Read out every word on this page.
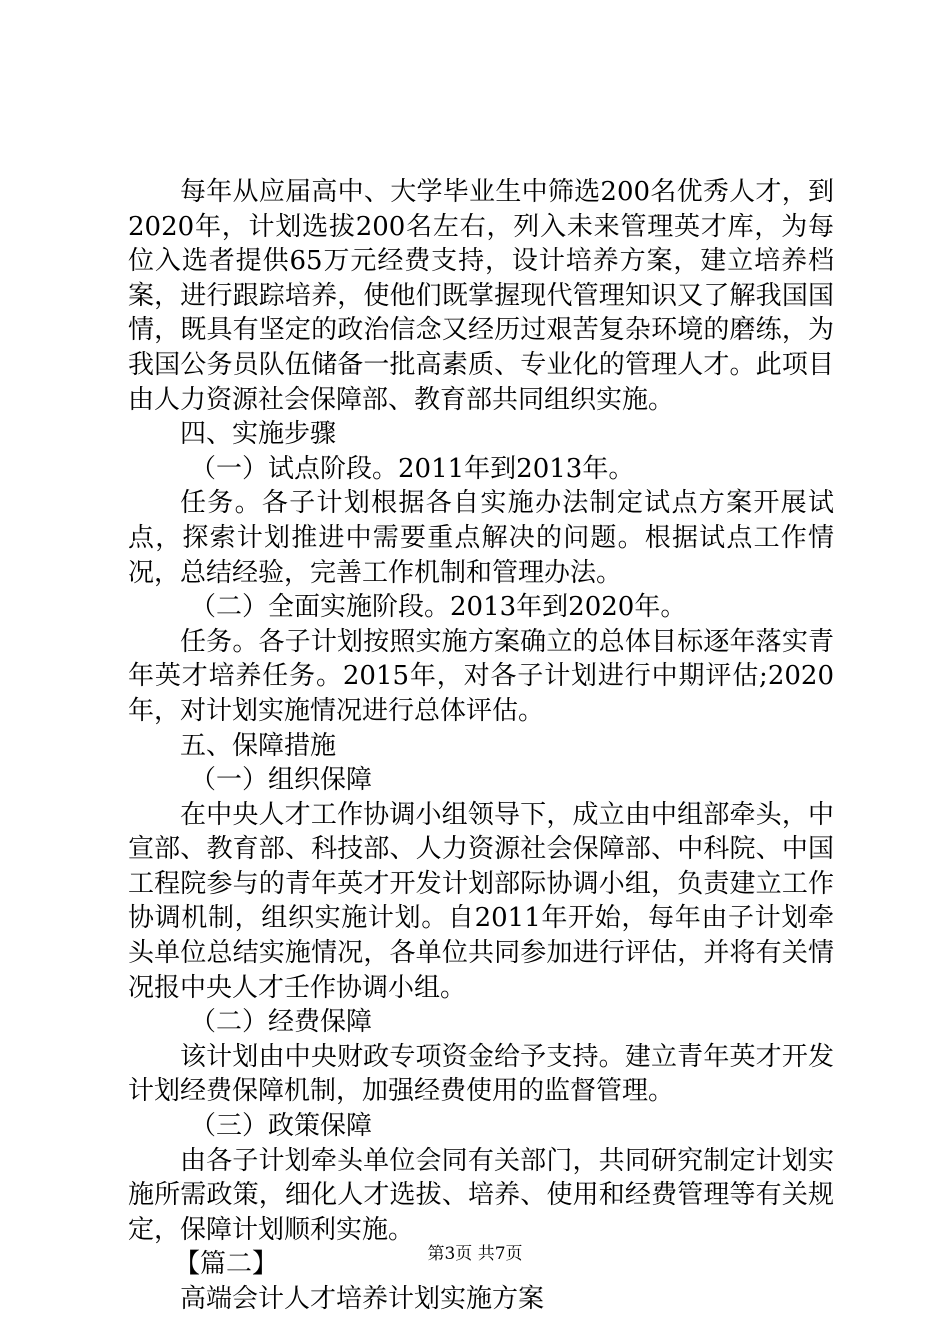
每年从应届高中、大学毕业生中筛选200名优秀人才，到2020年，计划选拔200名左右，列入未来管理英才库，为每位入选者提供65万元经费支持，设计培养方案，建立培养档案，进行跟踪培养，使他们既掌握现代管理知识又了解我国国情，既具有坚定的政治信念又经历过艰苦复杂环境的磨练，为我国公务员队伍储备一批高素质、专业化的管理人才。此项目由人力资源社会保障部、教育部共同组织实施。

四、实施步骤

（一）试点阶段。2011年到2013年。

任务。各子计划根据各自实施办法制定试点方案开展试点，探索计划推进中需要重点解决的问题。根据试点工作情况，总结经验，完善工作机制和管理办法。

（二）全面实施阶段。2013年到2020年。

任务。各子计划按照实施方案确立的总体目标逐年落实青年英才培养任务。2015年，对各子计划进行中期评估;2020年，对计划实施情况进行总体评估。

五、保障措施

（一）组织保障

在中央人才工作协调小组领导下，成立由中组部牵头，中宣部、教育部、科技部、人力资源社会保障部、中科院、中国工程院参与的青年英才开发计划部际协调小组，负责建立工作协调机制，组织实施计划。自2011年开始，每年由子计划牵头单位总结实施情况，各单位共同参加进行评估，并将有关情况报中央人才壬作协调小组。

（二）经费保障

该计划由中央财政专项资金给予支持。建立青年英才开发计划经费保障机制，加强经费使用的监督管理。

（三）政策保障

由各子计划牵头单位会同有关部门，共同研究制定计划实施所需政策，细化人才选拔、培养、使用和经费管理等有关规定，保障计划顺利实施。

【篇二】

高端会计人才培养计划实施方案

第3页 共7页
